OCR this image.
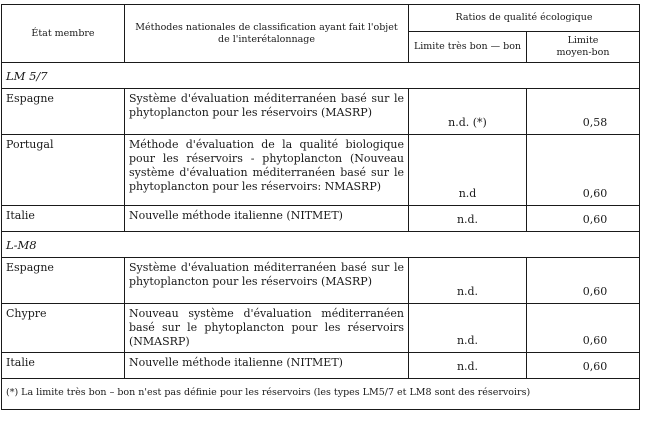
État membre	Méthodes nationales de classification ayant fait l'objet de l'interétalonnage	Ratios de qualité écologique	
		Limite très bon — bon	Limite
moyen-bon
LM 5/7			
Espagne	Système d'évaluation méditerranéen basé sur le phytoplancton pour les réservoirs (MASRP)	n.d. (*)	0,58
Portugal	Méthode d'évaluation de la qualité biologique pour les réservoirs - phytoplancton (Nouveau système d'évaluation méditerranéen basé sur le phytoplancton pour les réservoirs: NMASRP)	n.d	0,60
Italie	Nouvelle méthode italienne (NITMET)	n.d.	0,60
L-M8			
Espagne	Système d'évaluation méditerranéen basé sur le phytoplancton pour les réservoirs (MASRP)	n.d.	0,60
Chypre	Nouveau système d'évaluation méditerranéen basé sur le phytoplancton pour les réservoirs (NMASRP)	n.d.	0,60
Italie	Nouvelle méthode italienne (NITMET)	n.d.	0,60
(*) La limite très bon – bon n'est pas définie pour les réservoirs (les types LM5/7 et LM8 sont des réservoirs)			
